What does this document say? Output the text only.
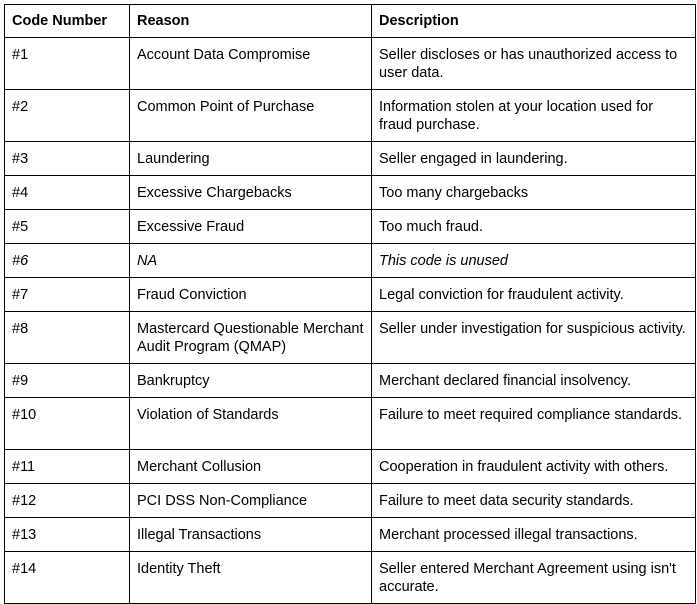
Code Number	Reason	Description
#1	Account Data Compromise	Seller discloses or has unauthorized access to user data.
#2	Common Point of Purchase	Information stolen at your location used for fraud purchase.
#3	Laundering	Seller engaged in laundering.
#4	Excessive Chargebacks	Too many chargebacks
#5	Excessive Fraud	Too much fraud.
#6	NA	This code is unused
#7	Fraud Conviction	Legal conviction for fraudulent activity.
#8	Mastercard Questionable Merchant Audit Program (QMAP)	Seller under investigation for suspicious activity.
#9	Bankruptcy	Merchant declared financial insolvency.
#10	Violation of Standards	Failure to meet required compliance standards.
#11	Merchant Collusion	Cooperation in fraudulent activity with others.
#12	PCI DSS Non-Compliance	Failure to meet data security standards.
#13	Illegal Transactions	Merchant processed illegal transactions.
#14	Identity Theft	Seller entered Merchant Agreement using isn't accurate.
